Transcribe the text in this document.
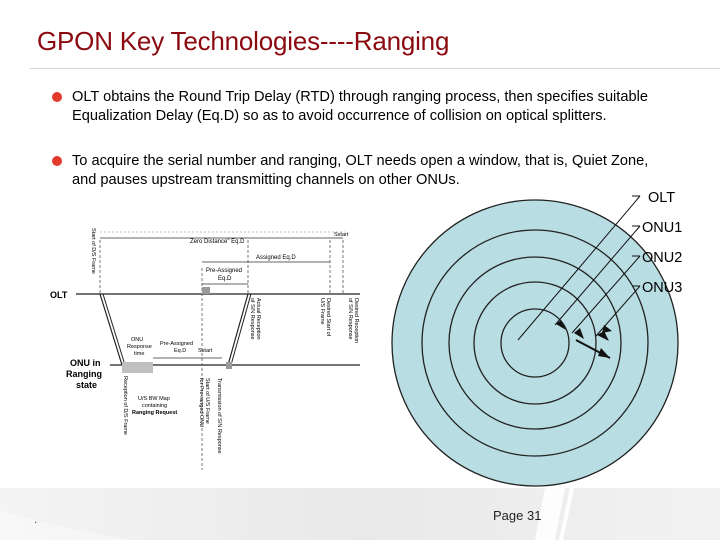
GPON Key Technologies----Ranging
OLT obtains the Round Trip Delay (RTD) through ranging process, then specifies suitable Equalization Delay (Eq.D) so as to avoid occurrence of collision on optical splitters.
To acquire the serial number and ranging, OLT needs open a window, that is, Quiet Zone, and pauses upstream transmitting channels on other ONUs.
OLT
ONU1
ONU2
ONU3
OLT
ONU in
Ranging
state
Zero Distance" Eq.D
Assigned Eq.D
Pre-Assigned
Eq.D
Sstart
ONU
Response
time
Pre-Assigned
Eq.D Sstart
U/S BW Map
containing
Ranging Request
Start of D/S Frame
Actual Reception
of S/N Response	Desired Start of
U/S Frame	Desired Reception
of S/N Response
Reception of D/S Frame	Start of U/S Frame
for Pre-ranged ONU Transmission of S/N Response
.	Page 31
